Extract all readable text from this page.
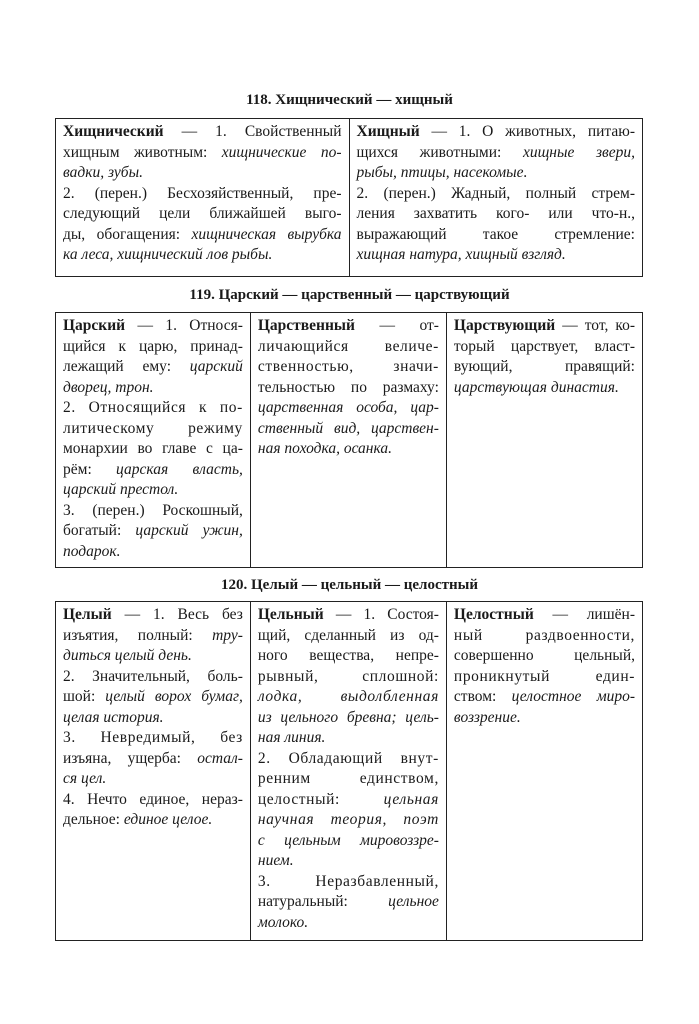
118. Хищнический — хищный
Хищнический — 1. Свойственный
хищным животным: хищнические по-
вадки, зубы.
2. (перен.) Бесхозяйственный, пре-
следующий цели ближайшей выго-
ды, обогащения: хищническая вырубка
ка леса, хищнический лов рыбы.

Хищный — 1. О животных, питаю-
щихся животными: хищные звери,
рыбы, птицы, насекомые.
2. (перен.) Жадный, полный стрем-
ления захватить кого- или что-н.,
выражающий такое стремление:
хищная натура, хищный взгляд.
119. Царский — царственный — царствующий
Царский — 1. Относя-
щийся к царю, принад-
лежащий ему: царский
дворец, трон.
2. Относящийся к по-
литическому режиму
монархии во главе с ца-
рём: царская власть,
царский престол.
3. (перен.) Роскошный,
богатый: царский ужин,
подарок.

Царственный — от-
личающийся величе-
ственностью, значи-
тельностью по размаху:
царственная особа, цар-
ственный вид, царствен-
ная походка, осанка.

Царствующий — тот, ко-
торый царствует, власт-
вующий, правящий:
царствующая династия.
120. Целый — цельный — целостный
Целый — 1. Весь без
изъятия, полный: тру-
диться целый день.
2. Значительный, боль-
шой: целый ворох бумаг,
целая история.
3. Невредимый, без
изъяна, ущерба: остал-
ся цел.
4. Нечто единое, нераз-
дельное: единое целое.

Цельный — 1. Состоя-
щий, сделанный из од-
ного вещества, непре-
рывный, сплошной:
лодка, выдолбленная
из цельного бревна; цель-
ная линия.
2. Обладающий внут-
ренним единством,
целостный: цельная
научная теория, поэт
с цельным мировоззре-
нием.
3. Неразбавленный,
натуральный: цельное
молоко.

Целостный — лишён-
ный раздвоенности,
совершенно цельный,
проникнутый един-
ством: целостное миро-
воззрение.
